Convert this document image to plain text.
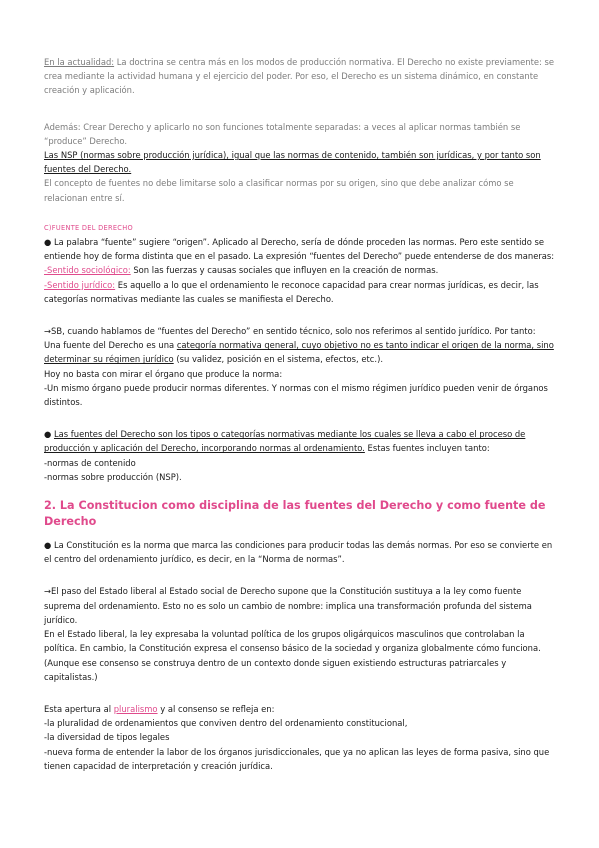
En la actualidad: La doctrina se centra más en los modos de producción normativa. El Derecho no existe previamente: se crea mediante la actividad humana y el ejercicio del poder. Por eso, el Derecho es un sistema dinámico, en constante creación y aplicación.

Además: Crear Derecho y aplicarlo no son funciones totalmente separadas: a veces al aplicar normas también se “produce” Derecho.

Las NSP (normas sobre producción jurídica), igual que las normas de contenido, también son jurídicas, y por tanto son fuentes del Derecho.

El concepto de fuentes no debe limitarse solo a clasificar normas por su origen, sino que debe analizar cómo se relacionan entre sí.

C)FUENTE DEL DERECHO

● La palabra “fuente” sugiere “origen”. Aplicado al Derecho, sería de dónde proceden las normas. Pero este sentido se entiende hoy de forma distinta que en el pasado. La expresión “fuentes del Derecho” puede entenderse de dos maneras:

-Sentido sociológico: Son las fuerzas y causas sociales que influyen en la creación de normas.

-Sentido jurídico: Es aquello a lo que el ordenamiento le reconoce capacidad para crear normas jurídicas, es decir, las categorías normativas mediante las cuales se manifiesta el Derecho.

→SB, cuando hablamos de “fuentes del Derecho” en sentido técnico, solo nos referimos al sentido jurídico. Por tanto:

Una fuente del Derecho es una categoría normativa general, cuyo objetivo no es tanto indicar el origen de la norma, sino determinar su régimen jurídico (su validez, posición en el sistema, efectos, etc.).

Hoy no basta con mirar el órgano que produce la norma:

-Un mismo órgano puede producir normas diferentes. Y normas con el mismo régimen jurídico pueden venir de órganos distintos.

● Las fuentes del Derecho son los tipos o categorías normativas mediante los cuales se lleva a cabo el proceso de producción y aplicación del Derecho, incorporando normas al ordenamiento. Estas fuentes incluyen tanto:

-normas de contenido

-normas sobre producción (NSP).

2. La Constitucion como disciplina de las fuentes del Derecho y como fuente de Derecho

● La Constitución es la norma que marca las condiciones para producir todas las demás normas. Por eso se convierte en el centro del ordenamiento jurídico, es decir, en la “Norma de normas”.

→El paso del Estado liberal al Estado social de Derecho supone que la Constitución sustituya a la ley como fuente suprema del ordenamiento. Esto no es solo un cambio de nombre: implica una transformación profunda del sistema jurídico.

En el Estado liberal, la ley expresaba la voluntad política de los grupos oligárquicos masculinos que controlaban la política. En cambio, la Constitución expresa el consenso básico de la sociedad y organiza globalmente cómo funciona. (Aunque ese consenso se construya dentro de un contexto donde siguen existiendo estructuras patriarcales y capitalistas.)

Esta apertura al pluralismo y al consenso se refleja en:

-la pluralidad de ordenamientos que conviven dentro del ordenamiento constitucional,

-la diversidad de tipos legales

-nueva forma de entender la labor de los órganos jurisdiccionales, que ya no aplican las leyes de forma pasiva, sino que tienen capacidad de interpretación y creación jurídica.
